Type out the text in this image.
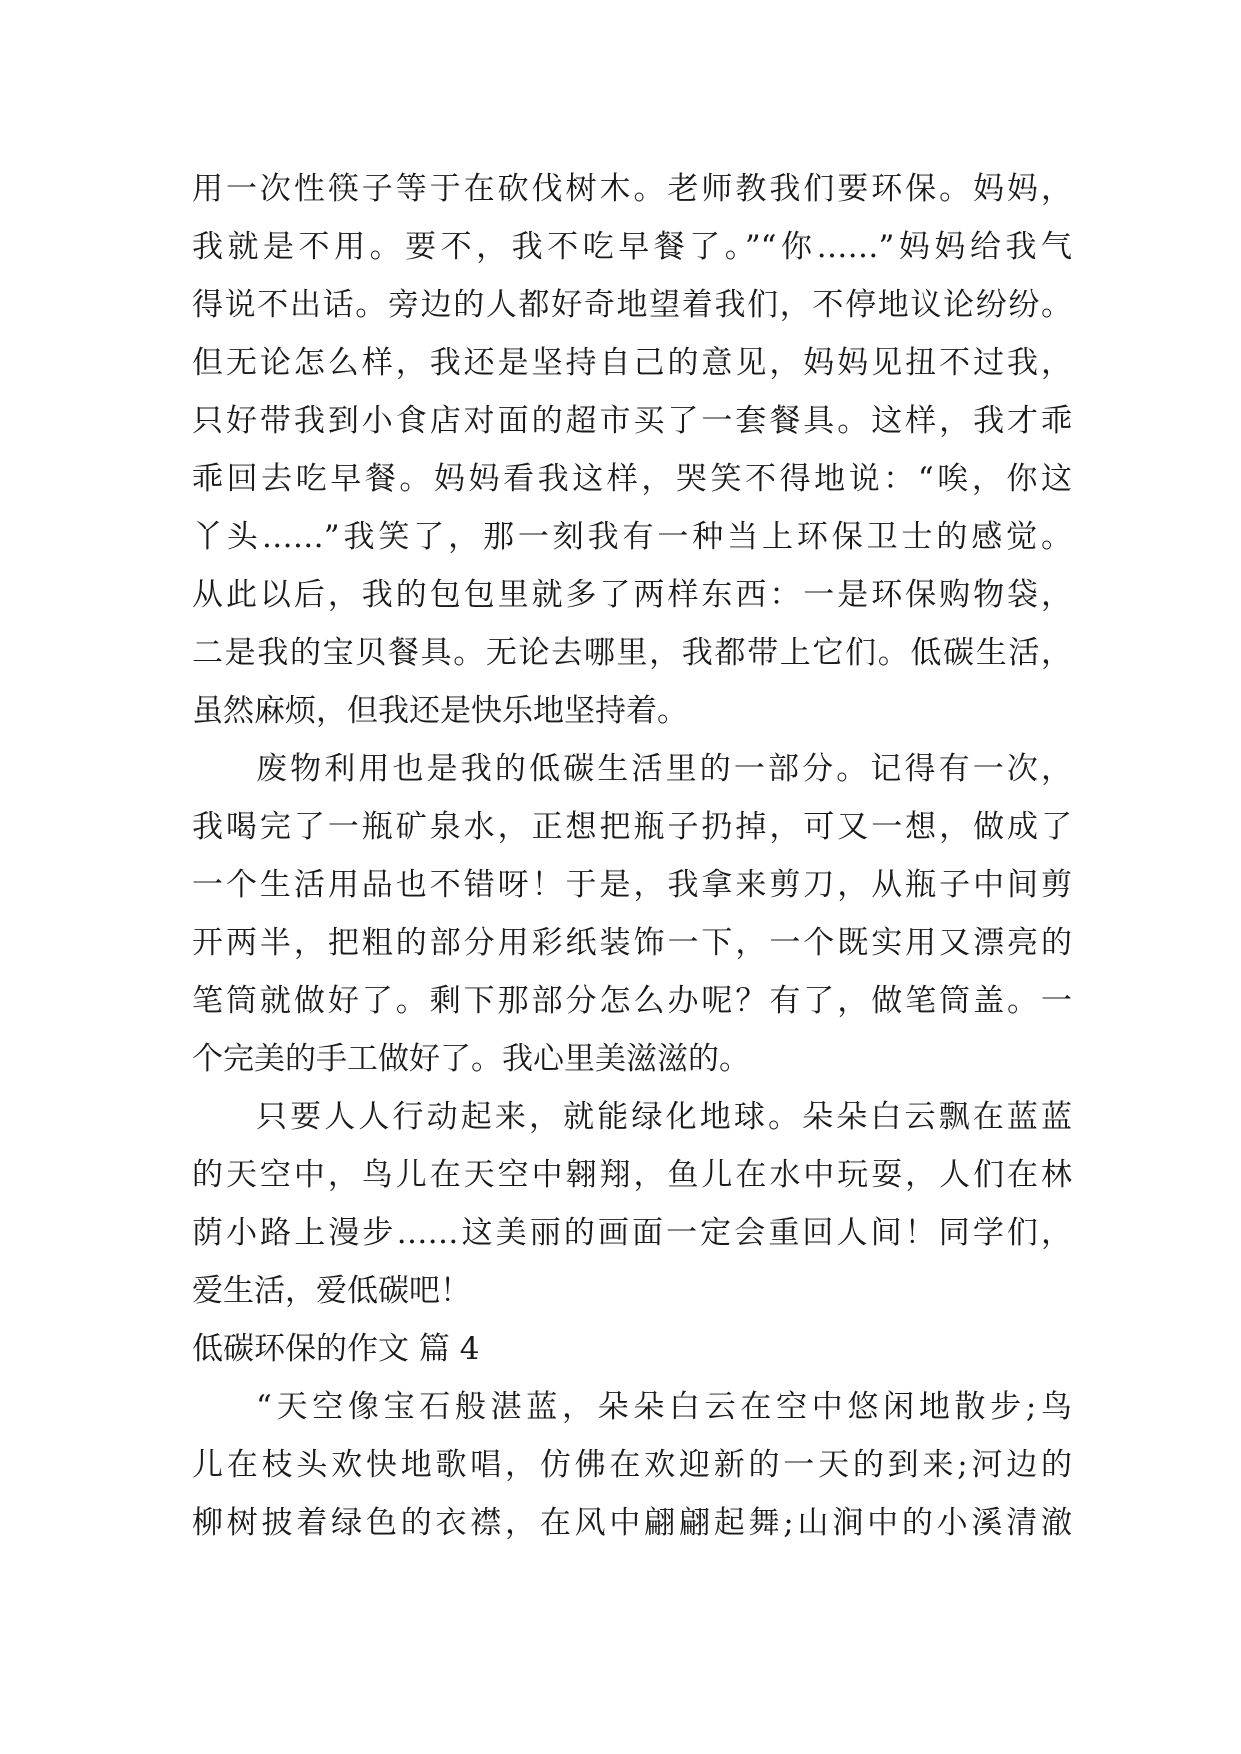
用一次性筷子等于在砍伐树木。老师教我们要环保。妈妈，
我就是不用。要不，我不吃早餐了。”“你……”妈妈给我气
得说不出话。旁边的人都好奇地望着我们，不停地议论纷纷。
但无论怎么样，我还是坚持自己的意见，妈妈见扭不过我，
只好带我到小食店对面的超市买了一套餐具。这样，我才乖
乖回去吃早餐。妈妈看我这样，哭笑不得地说：“唉，你这
丫头……”我笑了，那一刻我有一种当上环保卫士的感觉。
从此以后，我的包包里就多了两样东西：一是环保购物袋，
二是我的宝贝餐具。无论去哪里，我都带上它们。低碳生活，
虽然麻烦，但我还是快乐地坚持着。
废物利用也是我的低碳生活里的一部分。记得有一次，
我喝完了一瓶矿泉水，正想把瓶子扔掉，可又一想，做成了
一个生活用品也不错呀！于是，我拿来剪刀，从瓶子中间剪
开两半，把粗的部分用彩纸装饰一下，一个既实用又漂亮的
笔筒就做好了。剩下那部分怎么办呢？有了，做笔筒盖。一
个完美的手工做好了。我心里美滋滋的。
只要人人行动起来，就能绿化地球。朵朵白云飘在蓝蓝
的天空中，鸟儿在天空中翱翔，鱼儿在水中玩耍，人们在林
荫小路上漫步……这美丽的画面一定会重回人间！同学们，
爱生活，爱低碳吧！
低碳环保的作文 篇 4
“天空像宝石般湛蓝，朵朵白云在空中悠闲地散步;鸟
儿在枝头欢快地歌唱，仿佛在欢迎新的一天的到来;河边的
柳树披着绿色的衣襟，在风中翩翩起舞;山涧中的小溪清澈
